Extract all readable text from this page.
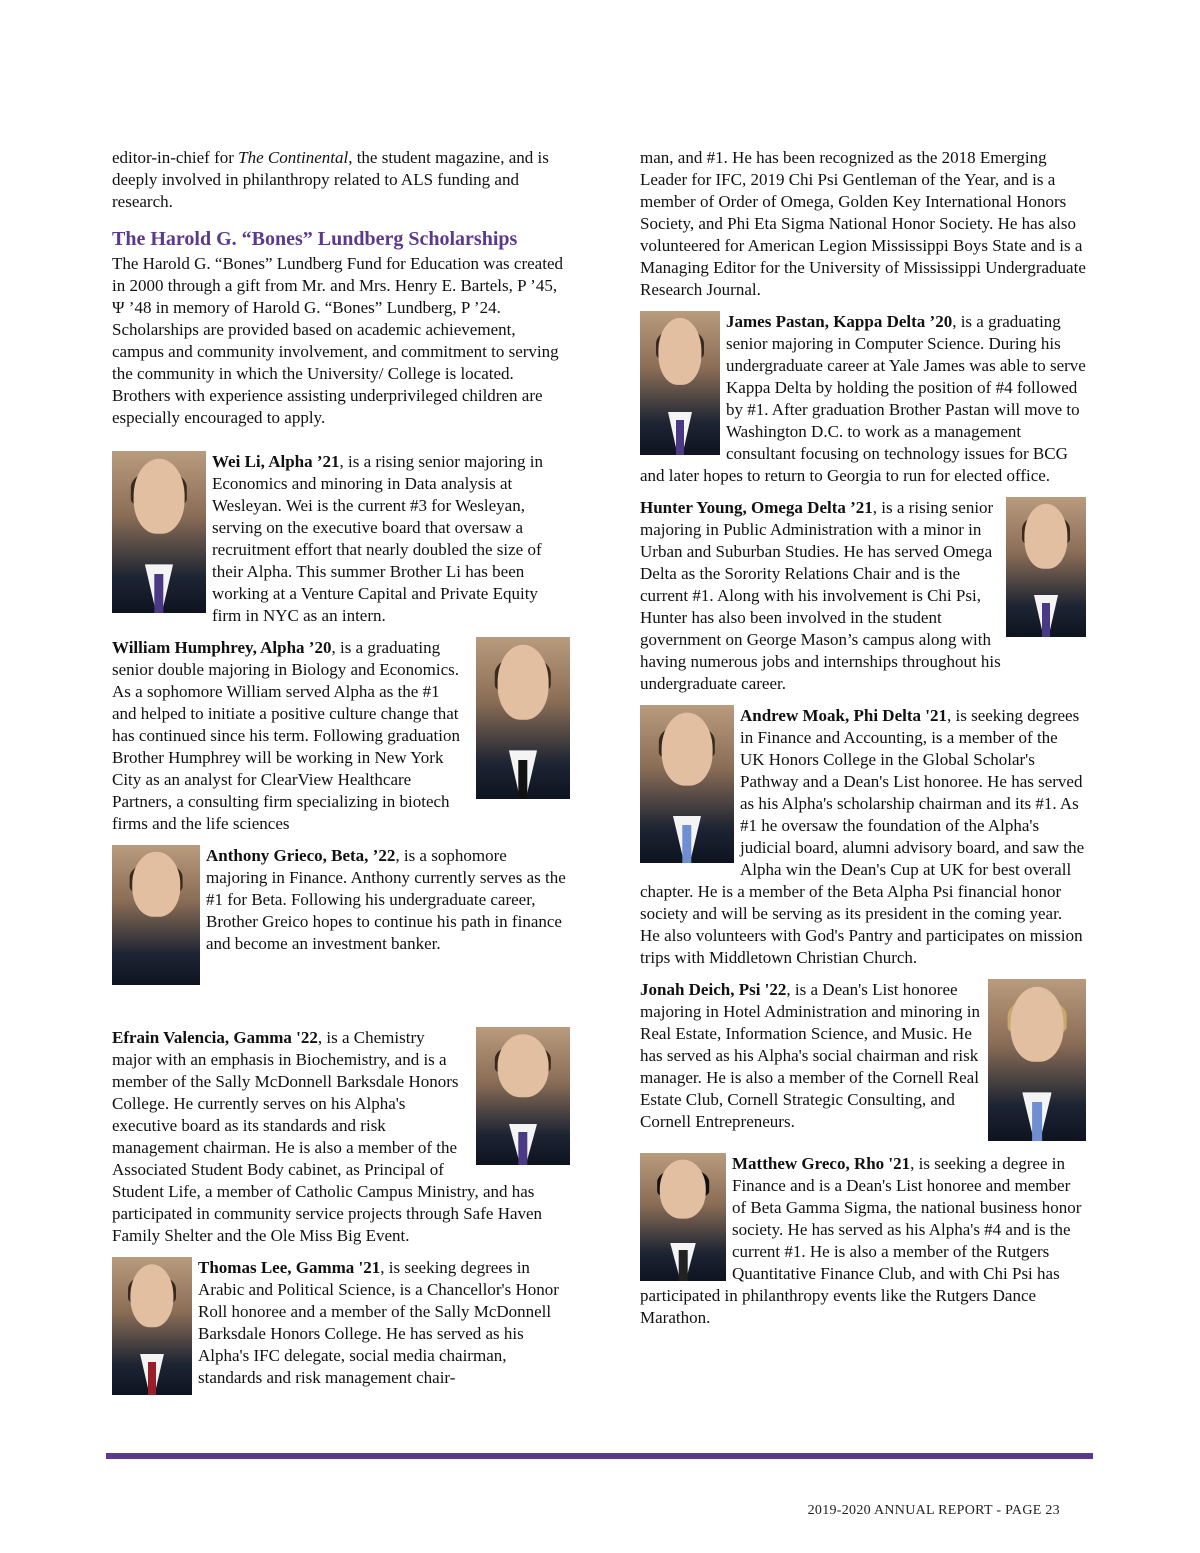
editor-in-chief for The Continental, the student magazine, and is deeply involved in philanthropy related to ALS funding and research.

The Harold G. “Bones” Lundberg Scholarships

The Harold G. “Bones” Lundberg Fund for Education was created in 2000 through a gift from Mr. and Mrs. Henry E. Bartels, P ’45, Ψ ’48 in memory of Harold G. “Bones” Lundberg, P ’24. Scholarships are provided based on academic achievement, campus and community involvement, and commitment to serving the community in which the University/ College is located. Brothers with experience assisting underprivileged children are especially encouraged to apply.

Wei Li, Alpha ’21, is a rising senior majoring in Economics and minoring in Data analysis at Wesleyan. Wei is the current #3 for Wesleyan, serving on the executive board that oversaw a recruitment effort that nearly doubled the size of their Alpha. This summer Brother Li has been working at a Venture Capital and Private Equity firm in NYC as an intern.

William Humphrey, Alpha ’20, is a graduating senior double majoring in Biology and Economics. As a sophomore William served Alpha as the #1 and helped to initiate a positive culture change that has continued since his term. Following graduation Brother Humphrey will be working in New York City as an analyst for ClearView Healthcare Partners, a consulting firm specializing in biotech firms and the life sciences

Anthony Grieco, Beta, ’22, is a sophomore majoring in Finance. Anthony currently serves as the #1 for Beta. Following his undergraduate career, Brother Greico hopes to continue his path in finance and become an investment banker.

Efrain Valencia, Gamma '22, is a Chemistry major with an emphasis in Biochemistry, and is a member of the Sally McDonnell Barksdale Honors College. He currently serves on his Alpha's executive board as its standards and risk management chairman. He is also a member of the Associated Student Body cabinet, as Principal of Student Life, a member of Catholic Campus Ministry, and has participated in community service projects through Safe Haven Family Shelter and the Ole Miss Big Event.

Thomas Lee, Gamma '21, is seeking degrees in Arabic and Political Science, is a Chancellor's Honor Roll honoree and a member of the Sally McDonnell Barksdale Honors College. He has served as his Alpha's IFC delegate, social media chairman, standards and risk management chair-

man, and #1. He has been recognized as the 2018 Emerging Leader for IFC, 2019 Chi Psi Gentleman of the Year, and is a member of Order of Omega, Golden Key International Honors Society, and Phi Eta Sigma National Honor Society. He has also volunteered for American Legion Mississippi Boys State and is a Managing Editor for the University of Mississippi Undergraduate Research Journal.

James Pastan, Kappa Delta ’20, is a graduating senior majoring in Computer Science. During his undergraduate career at Yale James was able to serve Kappa Delta by holding the position of #4 followed by #1. After graduation Brother Pastan will move to Washington D.C. to work as a management consultant focusing on technology issues for BCG and later hopes to return to Georgia to run for elected office.

Hunter Young, Omega Delta ’21, is a rising senior majoring in Public Administration with a minor in Urban and Suburban Studies. He has served Omega Delta as the Sorority Relations Chair and is the current #1. Along with his involvement is Chi Psi, Hunter has also been involved in the student government on George Mason’s campus along with having numerous jobs and internships throughout his undergraduate career.

Andrew Moak, Phi Delta '21, is seeking degrees in Finance and Accounting, is a member of the UK Honors College in the Global Scholar's Pathway and a Dean's List honoree. He has served as his Alpha's scholarship chairman and its #1. As #1 he oversaw the foundation of the Alpha's judicial board, alumni advisory board, and saw the Alpha win the Dean's Cup at UK for best overall chapter. He is a member of the Beta Alpha Psi financial honor society and will be serving as its president in the coming year. He also volunteers with God's Pantry and participates on mission trips with Middletown Christian Church.

Jonah Deich, Psi '22, is a Dean's List honoree majoring in Hotel Administration and minoring in Real Estate, Information Science, and Music. He has served as his Alpha's social chairman and risk manager. He is also a member of the Cornell Real Estate Club, Cornell Strategic Consulting, and Cornell Entrepreneurs.

Matthew Greco, Rho '21, is seeking a degree in Finance and is a Dean's List honoree and member of Beta Gamma Sigma, the national business honor society. He has served as his Alpha's #4 and is the current #1. He is also a member of the Rutgers Quantitative Finance Club, and with Chi Psi has participated in philanthropy events like the Rutgers Dance Marathon.

2019-2020 ANNUAL REPORT - PAGE 23
